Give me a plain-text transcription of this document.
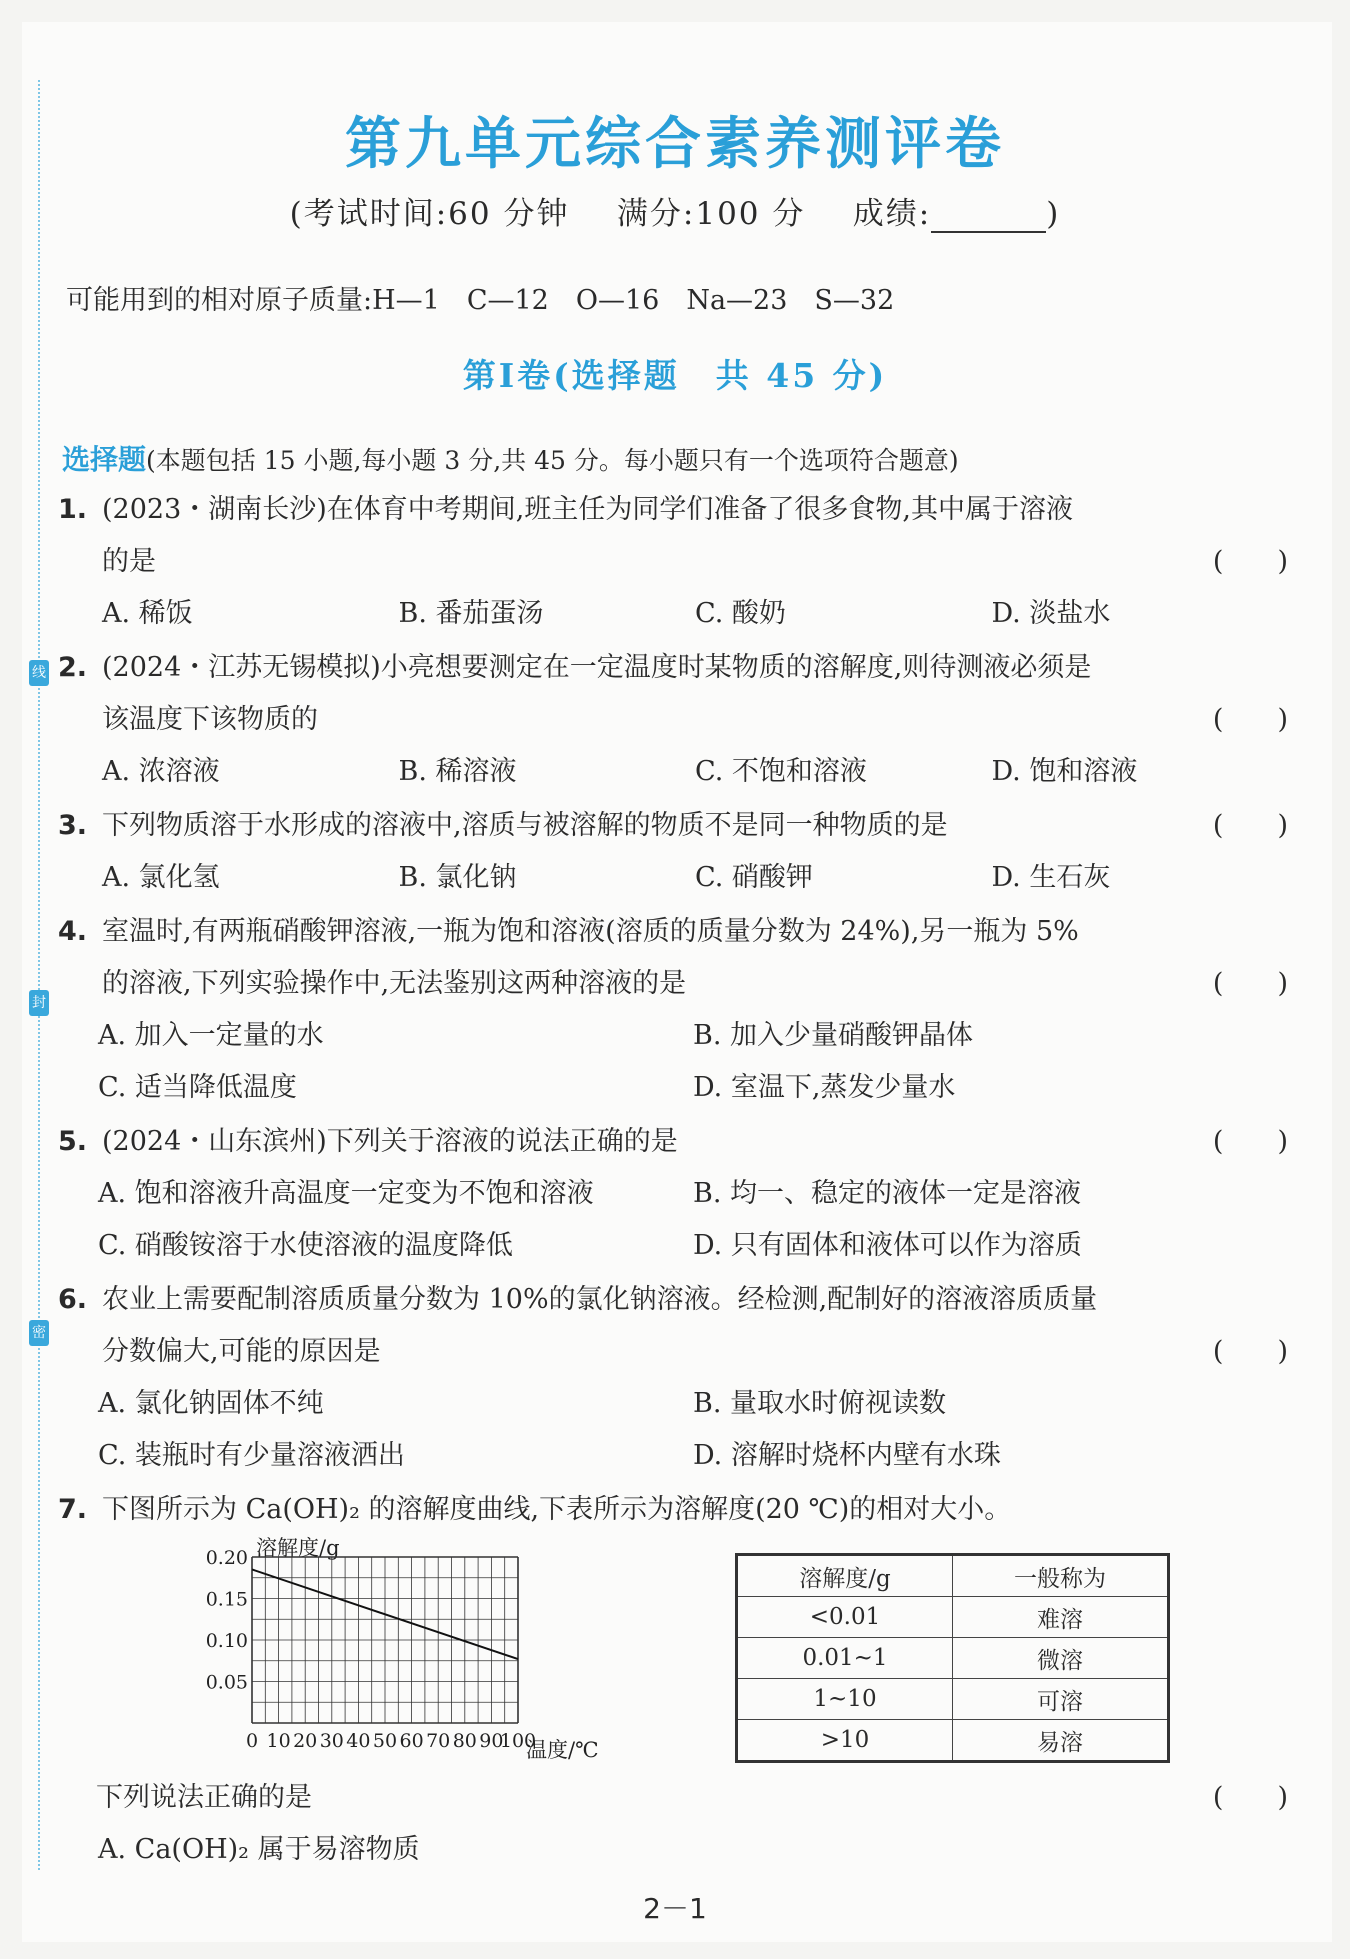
线
封
密
第九单元综合素养测评卷
(考试时间:60 分钟 满分:100 分 成绩:	)
可能用到的相对原子质量:H—1　C—12　O—16　Na—23　S—32
第Ⅰ卷(选择题　共 45 分)
选择题(本题包括 15 小题,每小题 3 分,共 45 分。每小题只有一个选项符合题意)
1. (2023・湖南长沙)在体育中考期间,班主任为同学们准备了很多食物,其中属于溶液
的是	(　　)
A. 稀饭	B. 番茄蛋汤	C. 酸奶	D. 淡盐水
2. (2024・江苏无锡模拟)小亮想要测定在一定温度时某物质的溶解度,则待测液必须是
该温度下该物质的	(　　)
A. 浓溶液	B. 稀溶液	C. 不饱和溶液	D. 饱和溶液
3. 下列物质溶于水形成的溶液中,溶质与被溶解的物质不是同一种物质的是	(　　)
A. 氯化氢	B. 氯化钠	C. 硝酸钾	D. 生石灰
4. 室温时,有两瓶硝酸钾溶液,一瓶为饱和溶液(溶质的质量分数为 24%),另一瓶为 5%
的溶液,下列实验操作中,无法鉴别这两种溶液的是	(　　)
A. 加入一定量的水	B. 加入少量硝酸钾晶体
C. 适当降低温度	D. 室温下,蒸发少量水
5. (2024・山东滨州)下列关于溶液的说法正确的是	(　　)
A. 饱和溶液升高温度一定变为不饱和溶液	B. 均一、稳定的液体一定是溶液
C. 硝酸铵溶于水使溶液的温度降低	D. 只有固体和液体可以作为溶质
6. 农业上需要配制溶质质量分数为 10%的氯化钠溶液。经检测,配制好的溶液溶质质量
分数偏大,可能的原因是	(　　)
A. 氯化钠固体不纯	B. 量取水时俯视读数
C. 装瓶时有少量溶液洒出	D. 溶解时烧杯内壁有水珠
7. 下图所示为 Ca(OH)₂ 的溶解度曲线,下表所示为溶解度(20 ℃)的相对大小。
溶解度/g
温度/℃
0 10 20 30 40 50 60 70 80 90
100
0.05
0.10
0.15
0.20
溶解度/g	一般称为
<0.01	难溶
0.01~1	微溶
1~10	可溶
>10	易溶
下列说法正确的是	(　　)
A. Ca(OH)₂ 属于易溶物质
2－1
